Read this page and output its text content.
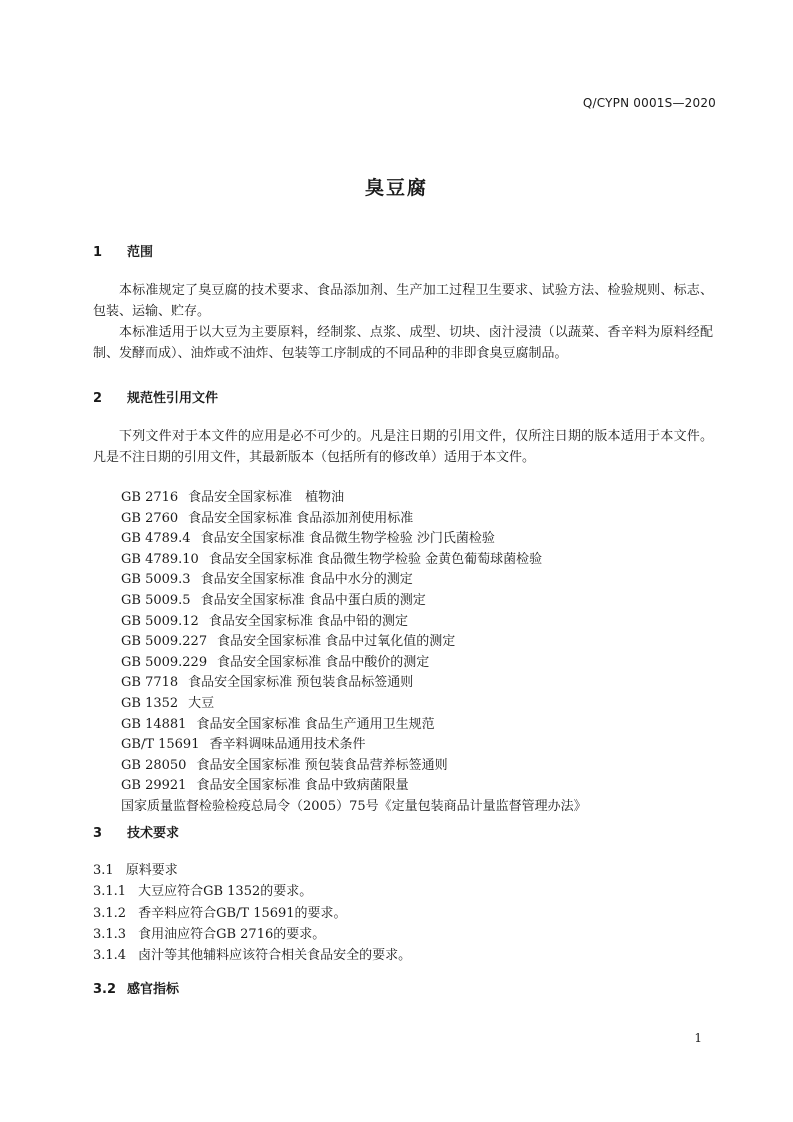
Q/CYPN 0001S—2020
臭豆腐
1 范围

本标准规定了臭豆腐的技术要求、食品添加剂、生产加工过程卫生要求、试验方法、检验规则、标志、包装、运输、贮存。

本标准适用于以大豆为主要原料，经制浆、点浆、成型、切块、卤汁浸渍（以蔬菜、香辛料为原料经配制、发酵而成）、油炸或不油炸、包装等工序制成的不同品种的非即食臭豆腐制品。

2 规范性引用文件

下列文件对于本文件的应用是必不可少的。凡是注日期的引用文件，仅所注日期的版本适用于本文件。凡是不注日期的引用文件，其最新版本（包括所有的修改单）适用于本文件。

GB 2716 食品安全国家标准　植物油
GB 2760 食品安全国家标准 食品添加剂使用标准
GB 4789.4 食品安全国家标准 食品微生物学检验 沙门氏菌检验
GB 4789.10 食品安全国家标准 食品微生物学检验 金黄色葡萄球菌检验
GB 5009.3 食品安全国家标准 食品中水分的测定
GB 5009.5 食品安全国家标准 食品中蛋白质的测定
GB 5009.12 食品安全国家标准 食品中铅的测定
GB 5009.227 食品安全国家标准 食品中过氧化值的测定
GB 5009.229 食品安全国家标准 食品中酸价的测定
GB 7718 食品安全国家标准 预包装食品标签通则
GB 1352 大豆
GB 14881 食品安全国家标准 食品生产通用卫生规范
GB/T 15691 香辛料调味品通用技术条件
GB 28050 食品安全国家标准 预包装食品营养标签通则
GB 29921 食品安全国家标准 食品中致病菌限量
国家质量监督检验检疫总局令（2005）75号《定量包装商品计量监督管理办法》
3 技术要求
3.1 原料要求
3.1.1 大豆应符合GB 1352的要求。
3.1.2 香辛料应符合GB/T 15691的要求。
3.1.3 食用油应符合GB 2716的要求。
3.1.4 卤汁等其他辅料应该符合相关食品安全的要求。
3.2 感官指标
1
